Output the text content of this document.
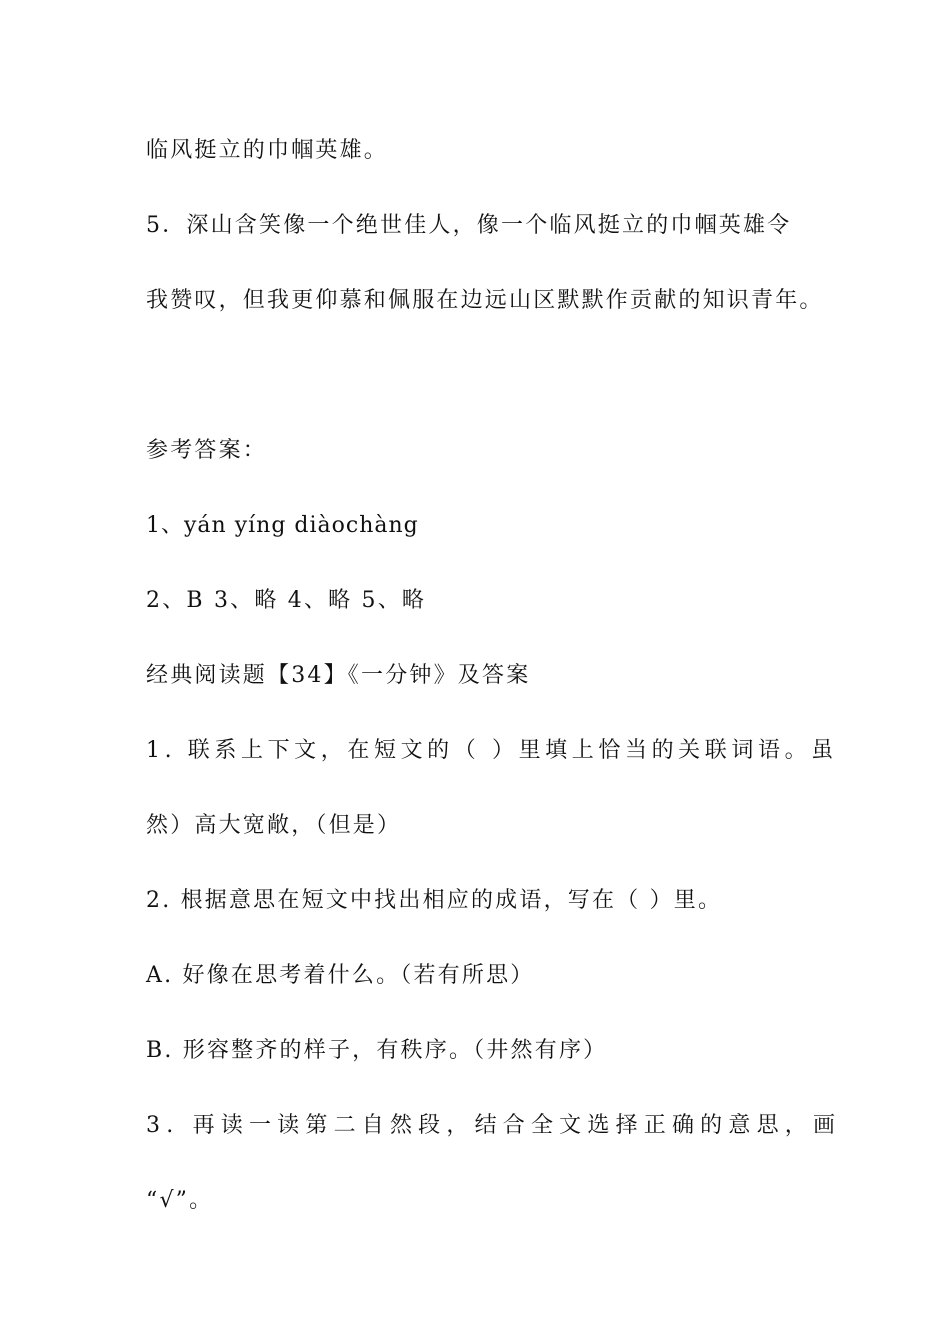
临风挺立的巾帼英雄。
5．深山含笑像一个绝世佳人，像一个临风挺立的巾帼英雄令
我赞叹，但我更仰慕和佩服在边远山区默默作贡献的知识青年。
参考答案：
1、yán yíng diàochàng
2、B 3、略 4、略 5、略
经典阅读题【34】《一分钟》及答案
1. 联系上下文，在短文的（ ）里填上恰当的关联词语。虽
然）高大宽敞，（但是）
2. 根据意思在短文中找出相应的成语，写在（ ）里。
A. 好像在思考着什么。（若有所思）
B. 形容整齐的样子，有秩序。（井然有序）
3. 再读一读第二自然段，结合全文选择正确的意思，画
“√”。
